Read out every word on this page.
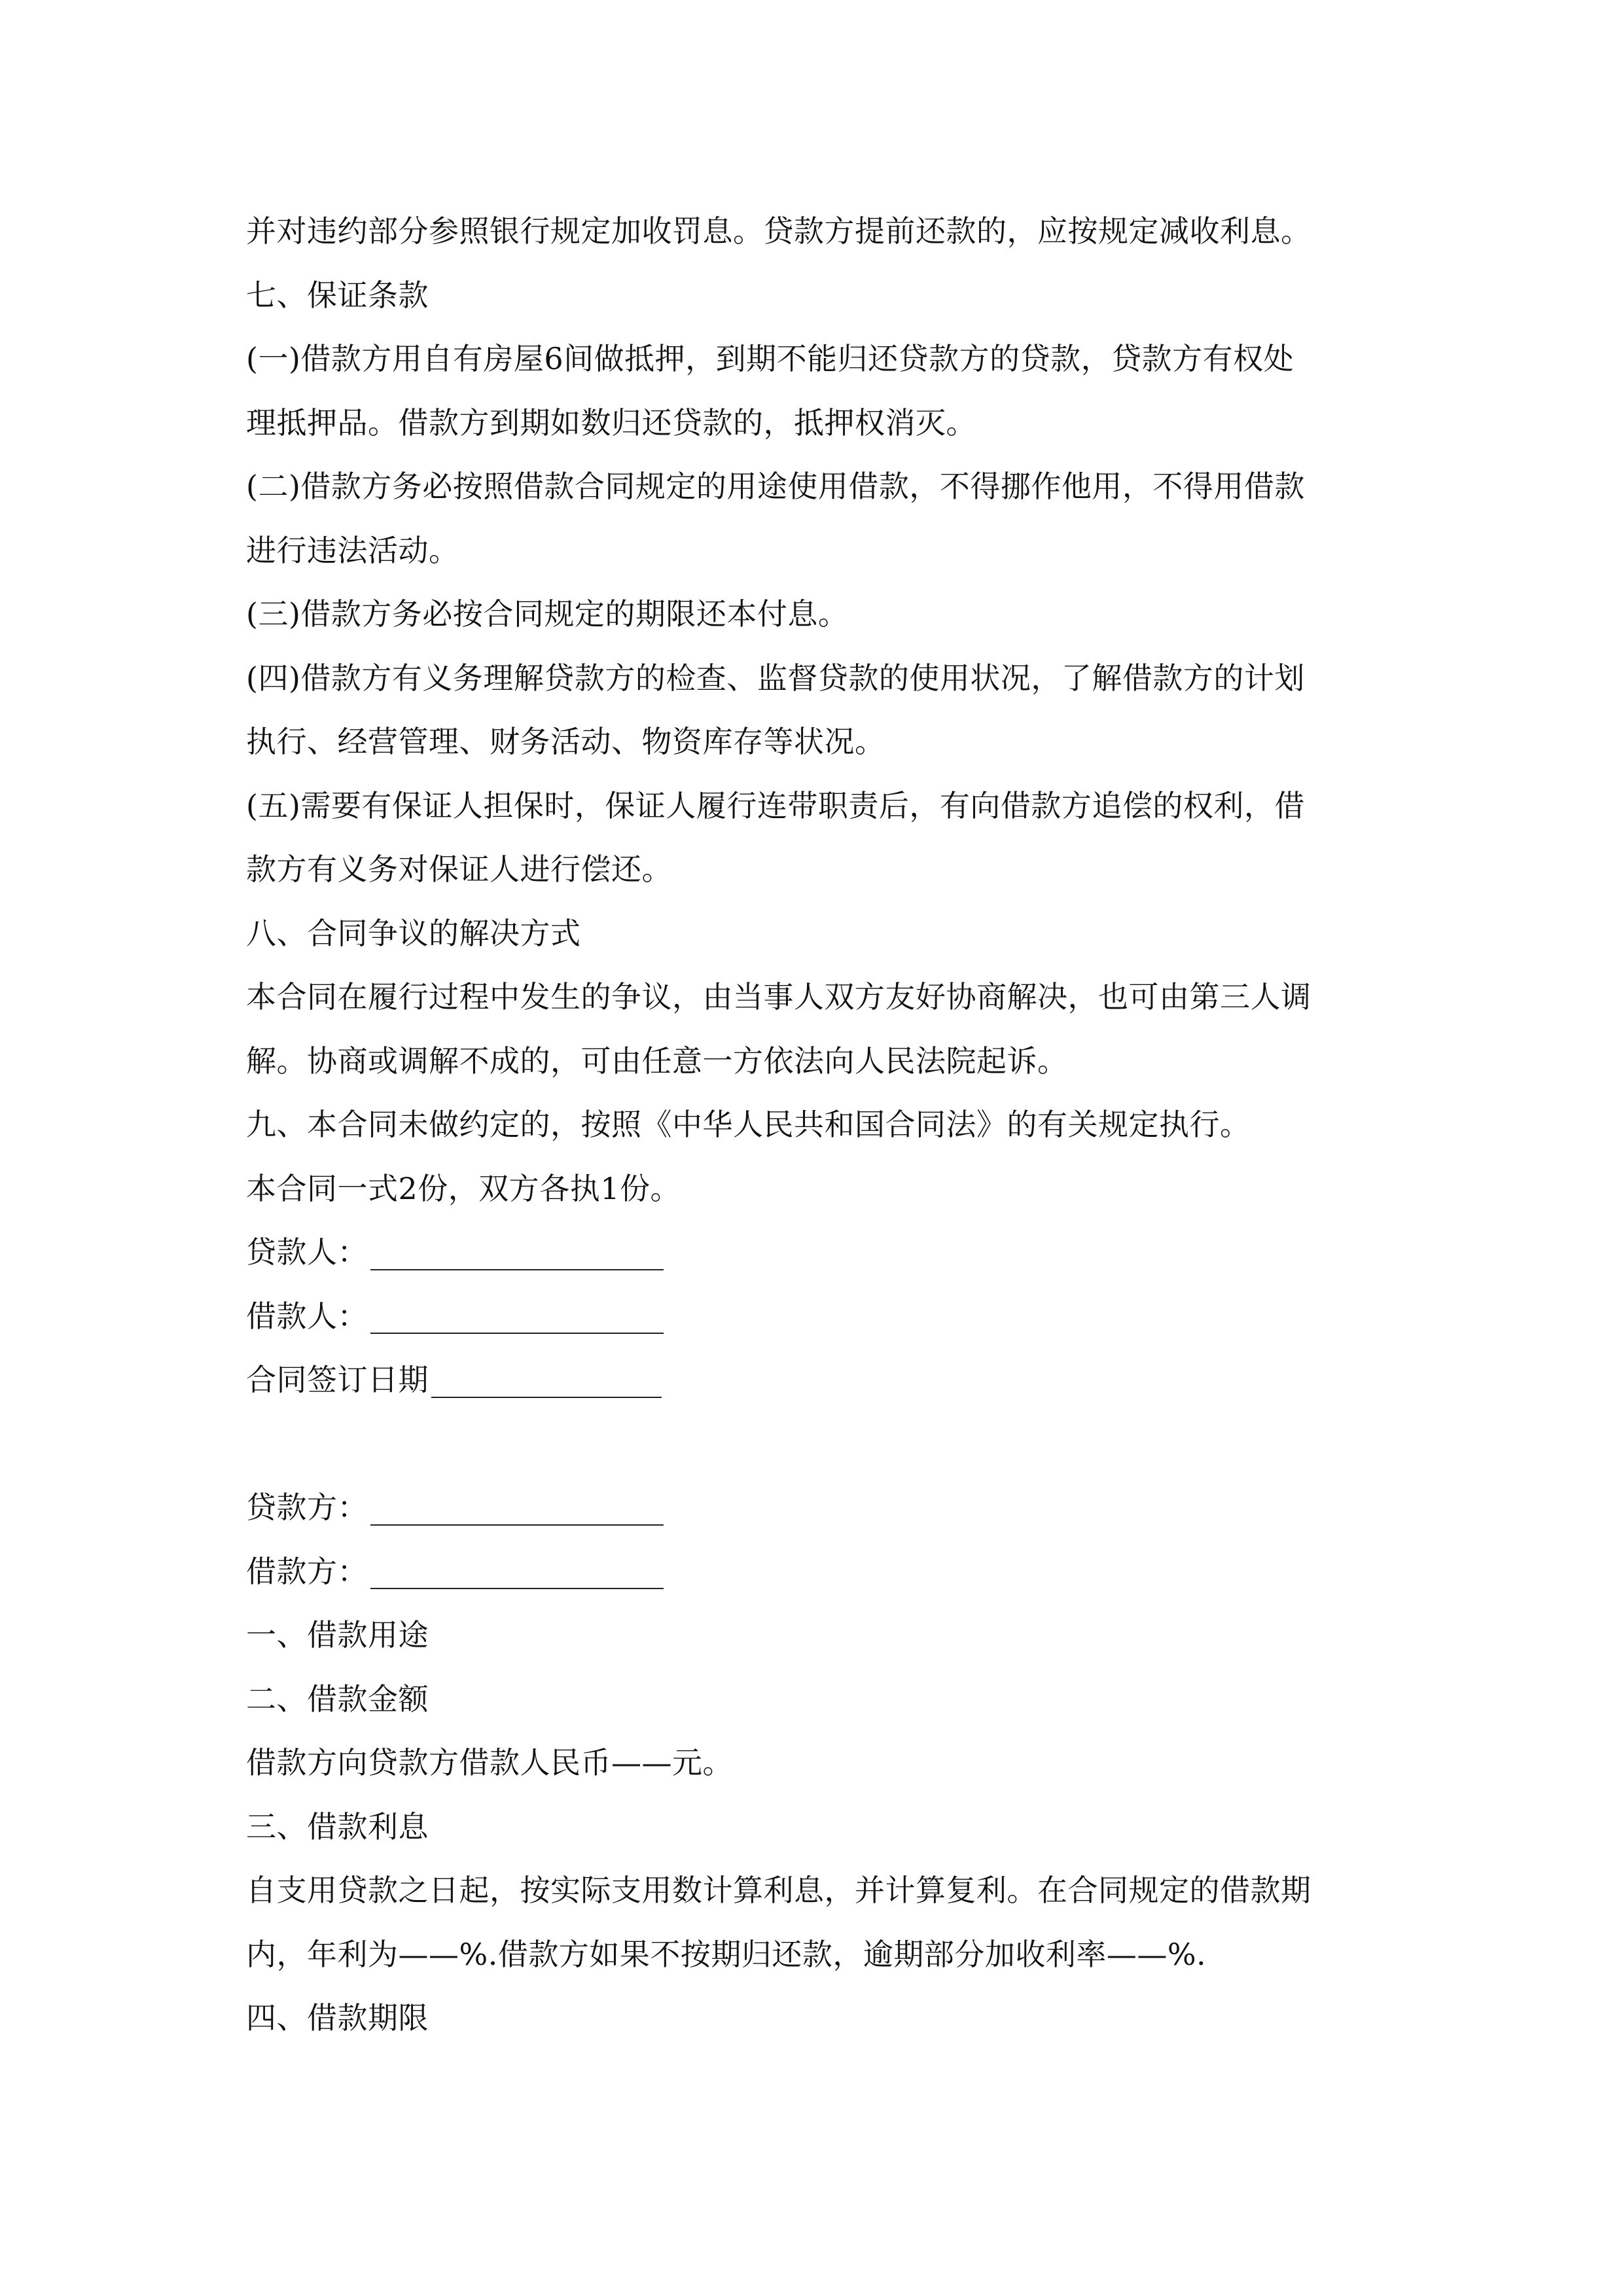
并对违约部分参照银行规定加收罚息。贷款方提前还款的，应按规定减收利息。
七、保证条款
(一)借款方用自有房屋6间做抵押，到期不能归还贷款方的贷款，贷款方有权处
理抵押品。借款方到期如数归还贷款的，抵押权消灭。
(二)借款方务必按照借款合同规定的用途使用借款，不得挪作他用，不得用借款
进行违法活动。
(三)借款方务必按合同规定的期限还本付息。
(四)借款方有义务理解贷款方的检查、监督贷款的使用状况，了解借款方的计划
执行、经营管理、财务活动、物资库存等状况。
(五)需要有保证人担保时，保证人履行连带职责后，有向借款方追偿的权利，借
款方有义务对保证人进行偿还。
八、合同争议的解决方式
本合同在履行过程中发生的争议，由当事人双方友好协商解决，也可由第三人调
解。协商或调解不成的，可由任意一方依法向人民法院起诉。
九、本合同未做约定的，按照《中华人民共和国合同法》的有关规定执行。
本合同一式2份，双方各执1份。
贷款人：
借款人：
合同签订日期
贷款方：
借款方：
一、借款用途
二、借款金额
借款方向贷款方借款人民币——元。
三、借款利息
自支用贷款之日起，按实际支用数计算利息，并计算复利。在合同规定的借款期
内，年利为——%.借款方如果不按期归还款，逾期部分加收利率——%.
四、借款期限
